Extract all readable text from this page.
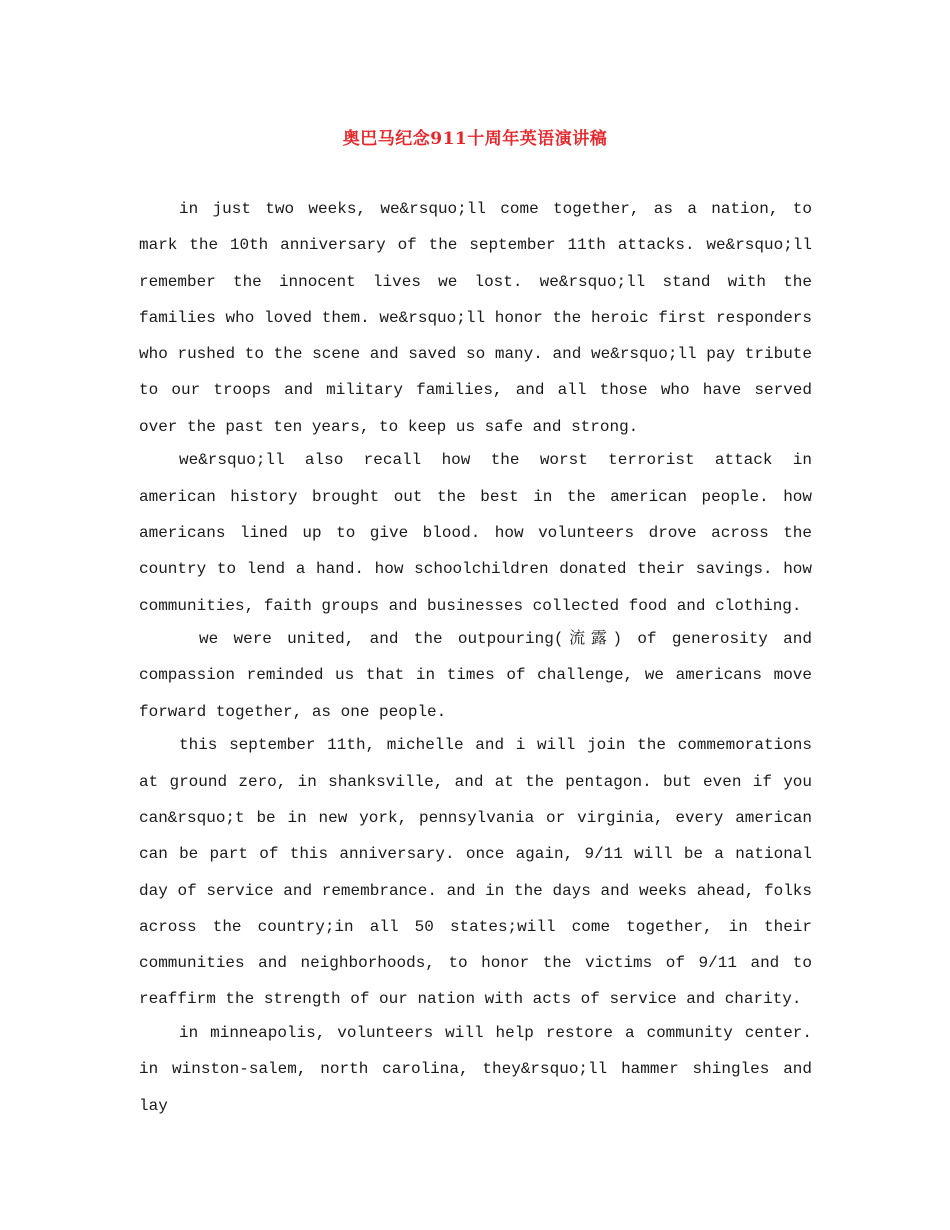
奥巴马纪念911十周年英语演讲稿

in just two weeks, we&rsquo;ll come together, as a nation, to mark the 10th anniversary of the september 11th attacks. we&rsquo;ll remember the innocent lives we lost. we&rsquo;ll stand with the families who loved them. we&rsquo;ll honor the heroic first responders who rushed to the scene and saved so many. and we&rsquo;ll pay tribute to our troops and military families, and all those who have served over the past ten years, to keep us safe and strong.

we&rsquo;ll also recall how the worst terrorist attack in american history brought out the best in the american people. how americans lined up to give blood. how volunteers drove across the country to lend a hand. how schoolchildren donated their savings. how communities, faith groups and businesses collected food and clothing.

we were united, and the outpouring(流露) of generosity and compassion reminded us that in times of challenge, we americans move forward together, as one people.

this september 11th, michelle and i will join the commemorations at ground zero, in shanksville, and at the pentagon. but even if you can&rsquo;t be in new york, pennsylvania or virginia, every american can be part of this anniversary. once again, 9/11 will be a national day of service and remembrance. and in the days and weeks ahead, folks across the country;in all 50 states;will come together, in their communities and neighborhoods, to honor the victims of 9/11 and to reaffirm the strength of our nation with acts of service and charity.

in minneapolis, volunteers will help restore a community center. in winston-salem, north carolina, they&rsquo;ll hammer shingles and lay
